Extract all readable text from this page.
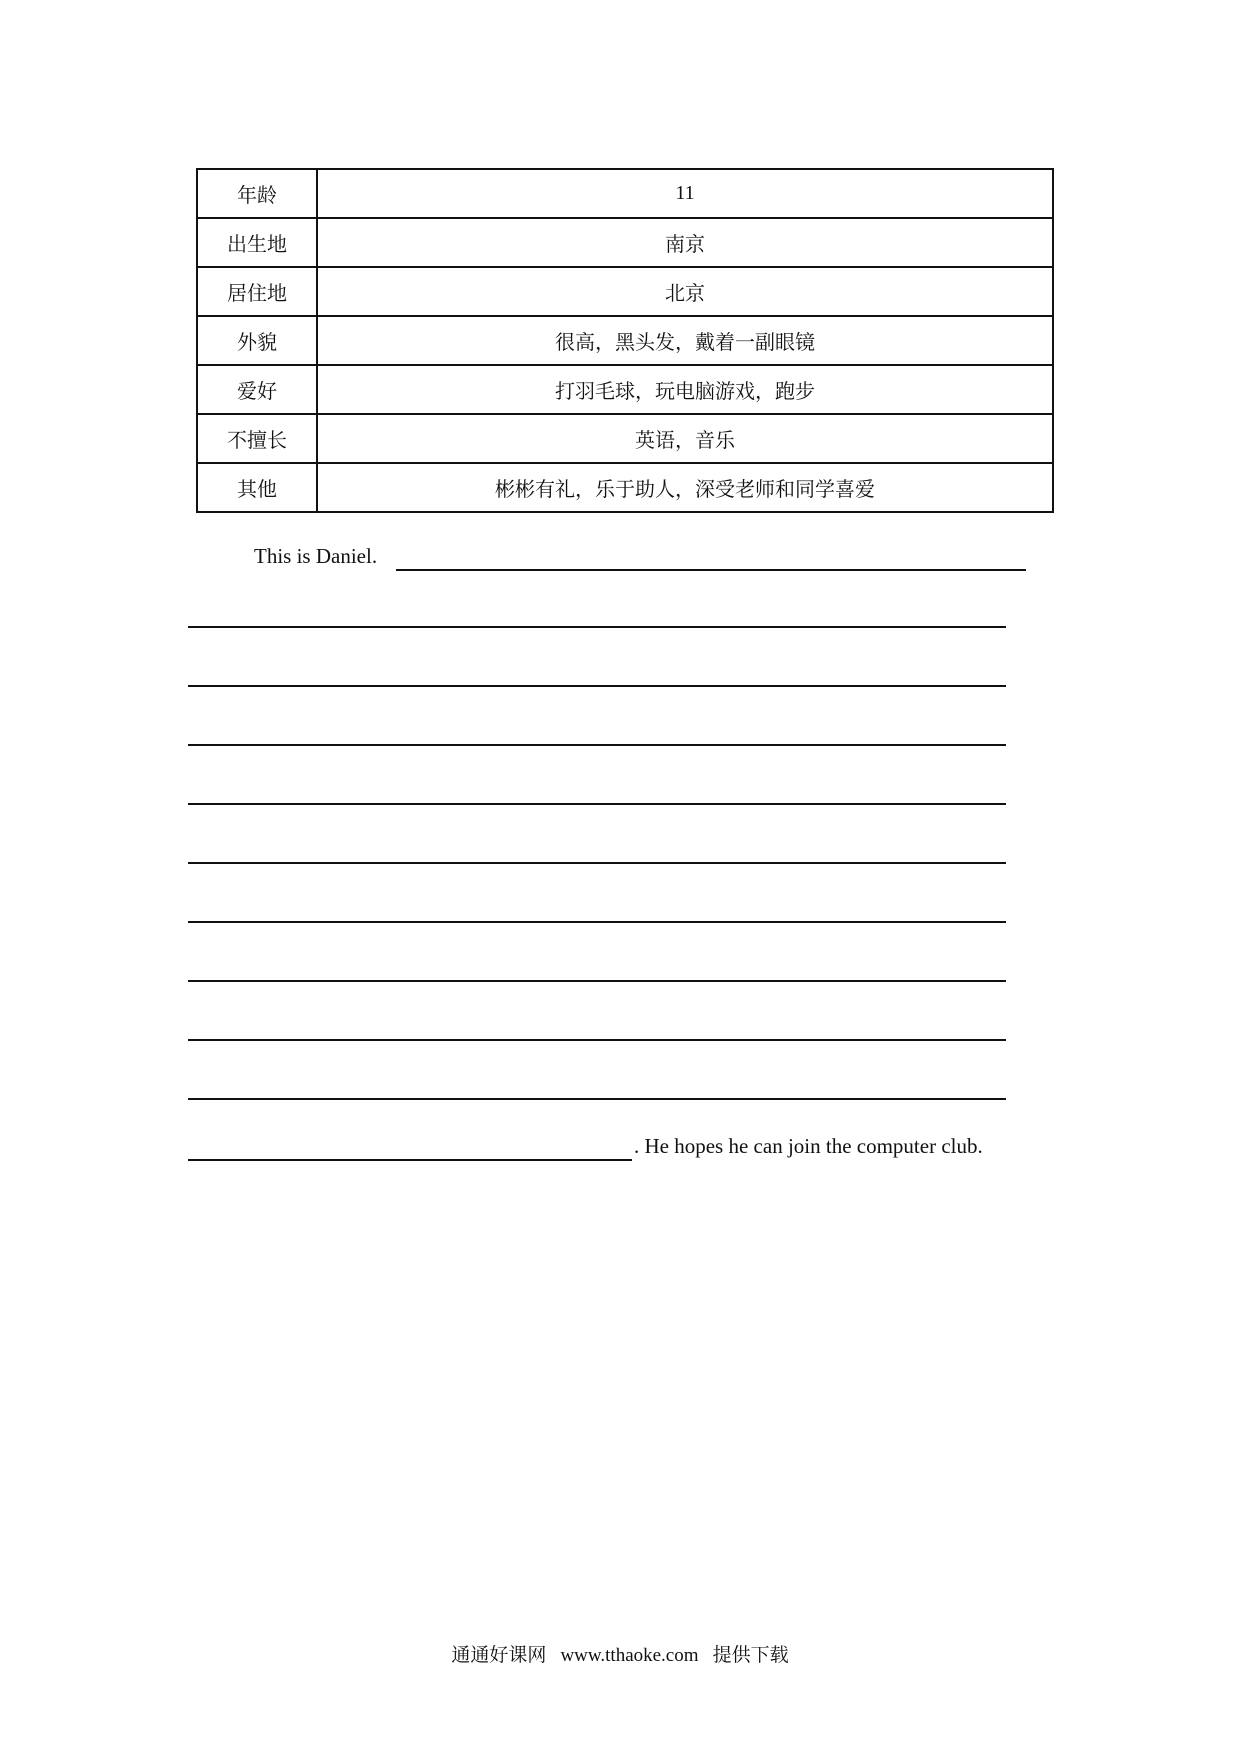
年龄	11
出生地	南京
居住地	北京
外貌	很高，黑头发，戴着一副眼镜
爱好	打羽毛球，玩电脑游戏，跑步
不擅长	英语，音乐
其他	彬彬有礼，乐于助人，深受老师和同学喜爱
This is Daniel.
. He hopes he can join the computer club.
通通好课网 www.tthaoke.com 提供下载
